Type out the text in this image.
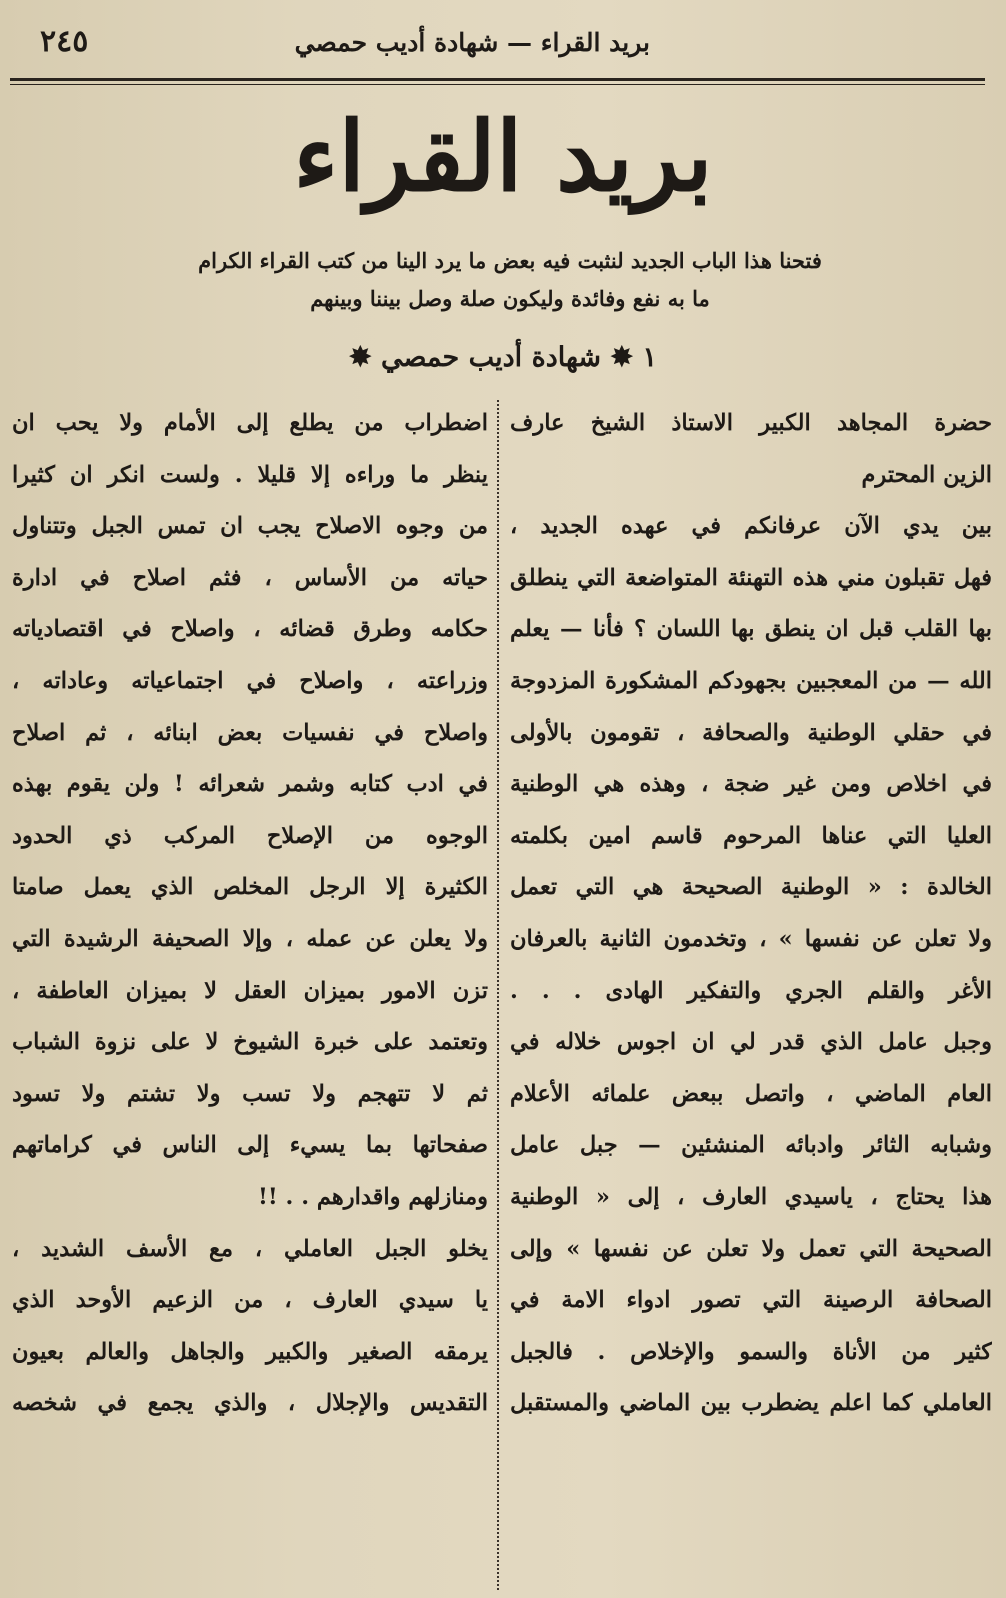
بريد القراء — شهادة أديب حمصي
٢٤٥
بريد القراء
فتحنا هذا الباب الجديد لنثبت فيه بعض ما يرد الينا من كتب القراء الكرام
ما به نفع وفائدة وليكون صلة وصل بيننا وبينهم
١ ✸ شهادة أديب حمصي ✸
حضرة المجاهد الكبير الاستاذ الشيخ عارف
الزين المحترم
بين يدي الآن عرفانكم في عهده الجديد ،
فهل تقبلون مني هذه التهنئة المتواضعة التي ينطلق
بها القلب قبل ان ينطق بها اللسان ؟ فأنا — يعلم
الله — من المعجبين بجهودكم المشكورة المزدوجة
في حقلي الوطنية والصحافة ، تقومون بالأولى
في اخلاص ومن غير ضجة ، وهذه هي الوطنية
العليا التي عناها المرحوم قاسم امين بكلمته
الخالدة : « الوطنية الصحيحة هي التي تعمل
ولا تعلن عن نفسها » ، وتخدمون الثانية بالعرفان
الأغر والقلم الجري والتفكير الهادى . . .
وجبل عامل الذي قدر لي ان اجوس خلاله في
العام الماضي ، واتصل ببعض علمائه الأعلام
وشبابه الثائر وادبائه المنشئين — جبل عامل
هذا يحتاج ، ياسيدي العارف ، إلى « الوطنية
الصحيحة التي تعمل ولا تعلن عن نفسها » وإلى
الصحافة الرصينة التي تصور ادواء الامة في
كثير من الأناة والسمو والإخلاص . فالجبل
العاملي كما اعلم يضطرب بين الماضي والمستقبل
اضطراب من يطلع إلى الأمام ولا يحب ان
ينظر ما وراءه إلا قليلا . ولست انكر ان كثيرا
من وجوه الاصلاح يجب ان تمس الجبل وتتناول
حياته من الأساس ، فثم اصلاح في ادارة
حكامه وطرق قضائه ، واصلاح في اقتصادياته
وزراعته ، واصلاح في اجتماعياته وعاداته ،
واصلاح في نفسيات بعض ابنائه ، ثم اصلاح
في ادب كتابه وشمر شعرائه ! ولن يقوم بهذه
الوجوه من الإصلاح المركب ذي الحدود
الكثيرة إلا الرجل المخلص الذي يعمل صامتا
ولا يعلن عن عمله ، وإلا الصحيفة الرشيدة التي
تزن الامور بميزان العقل لا بميزان العاطفة ،
وتعتمد على خبرة الشيوخ لا على نزوة الشباب
ثم لا تتهجم ولا تسب ولا تشتم ولا تسود
صفحاتها بما يسيء إلى الناس في كراماتهم
ومنازلهم واقدارهم . . !!
يخلو الجبل العاملي ، مع الأسف الشديد ،
يا سيدي العارف ، من الزعيم الأوحد الذي
يرمقه الصغير والكبير والجاهل والعالم بعيون
التقديس والإجلال ، والذي يجمع في شخصه
